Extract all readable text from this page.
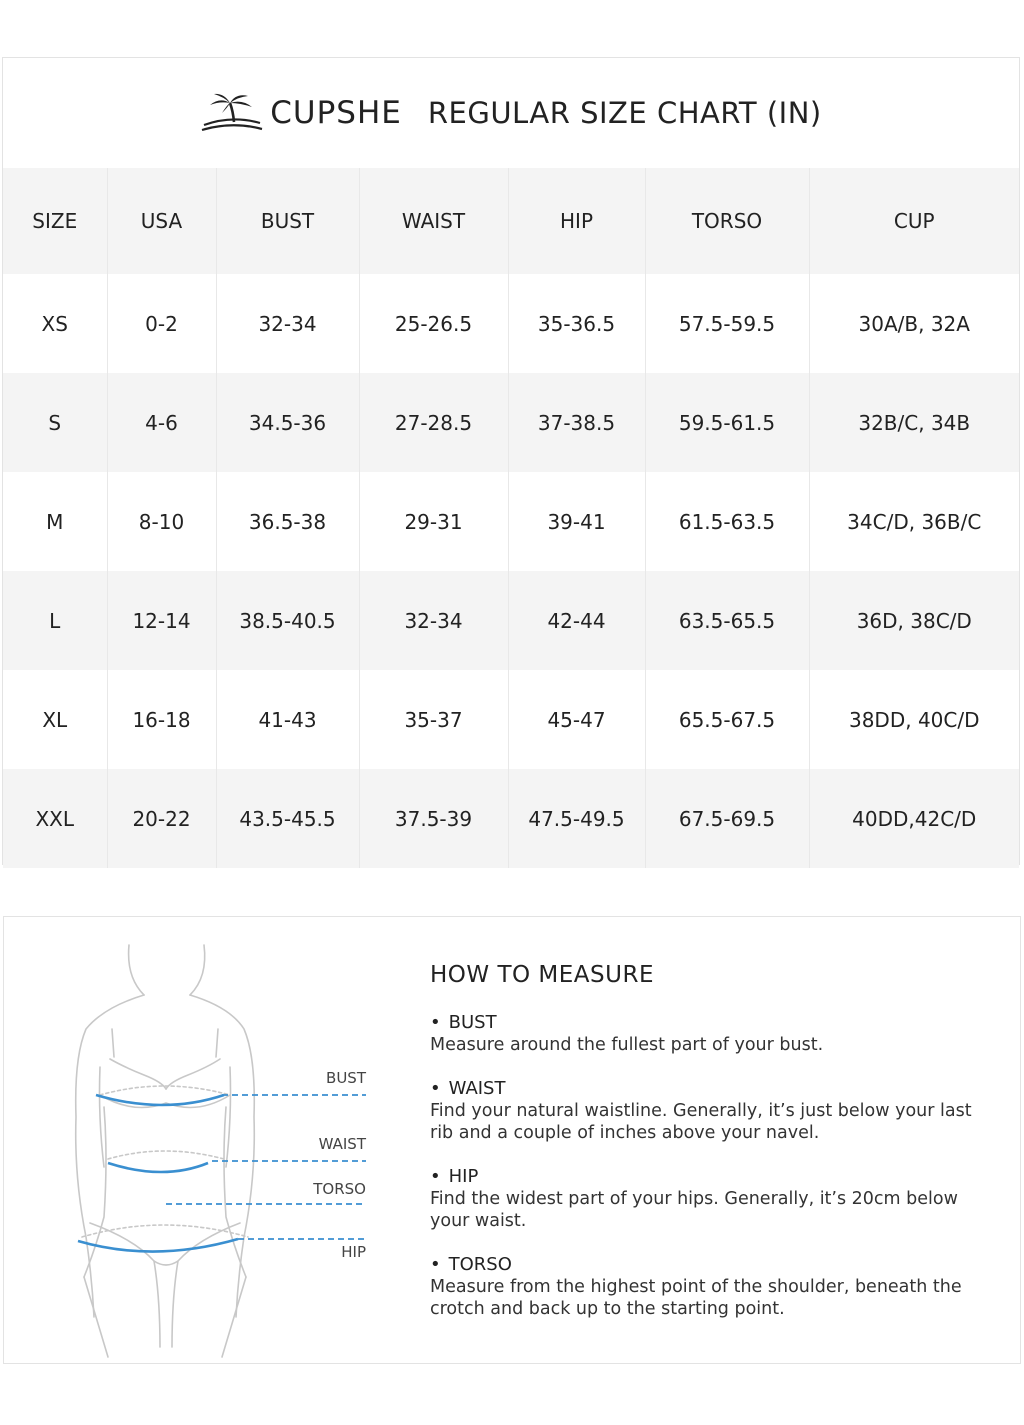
CUPSHE REGULAR SIZE CHART (IN)
SIZE	USA	BUST	WAIST	HIP	TORSO	CUP
XS	0-2	32-34	25-26.5	35-36.5	57.5-59.5	30A/B, 32A
S	4-6	34.5-36	27-28.5	37-38.5	59.5-61.5	32B/C, 34B
M	8-10	36.5-38	29-31	39-41	61.5-63.5	34C/D, 36B/C
L	12-14	38.5-40.5	32-34	42-44	63.5-65.5	36D, 38C/D
XL	16-18	41-43	35-37	45-47	65.5-67.5	38DD, 40C/D
XXL	20-22	43.5-45.5	37.5-39	47.5-49.5	67.5-69.5	40DD,42C/D
BUST
WAIST
TORSO
HIP
HOW TO MEASURE
• BUST
Measure around the fullest part of your bust.
• WAIST
Find your natural waistline. Generally, it’s just below your last rib and a couple of inches above your navel.
• HIP
Find the widest part of your hips. Generally, it’s 20cm below your waist.
• TORSO
Measure from the highest point of the shoulder, beneath the crotch and back up to the starting point.
